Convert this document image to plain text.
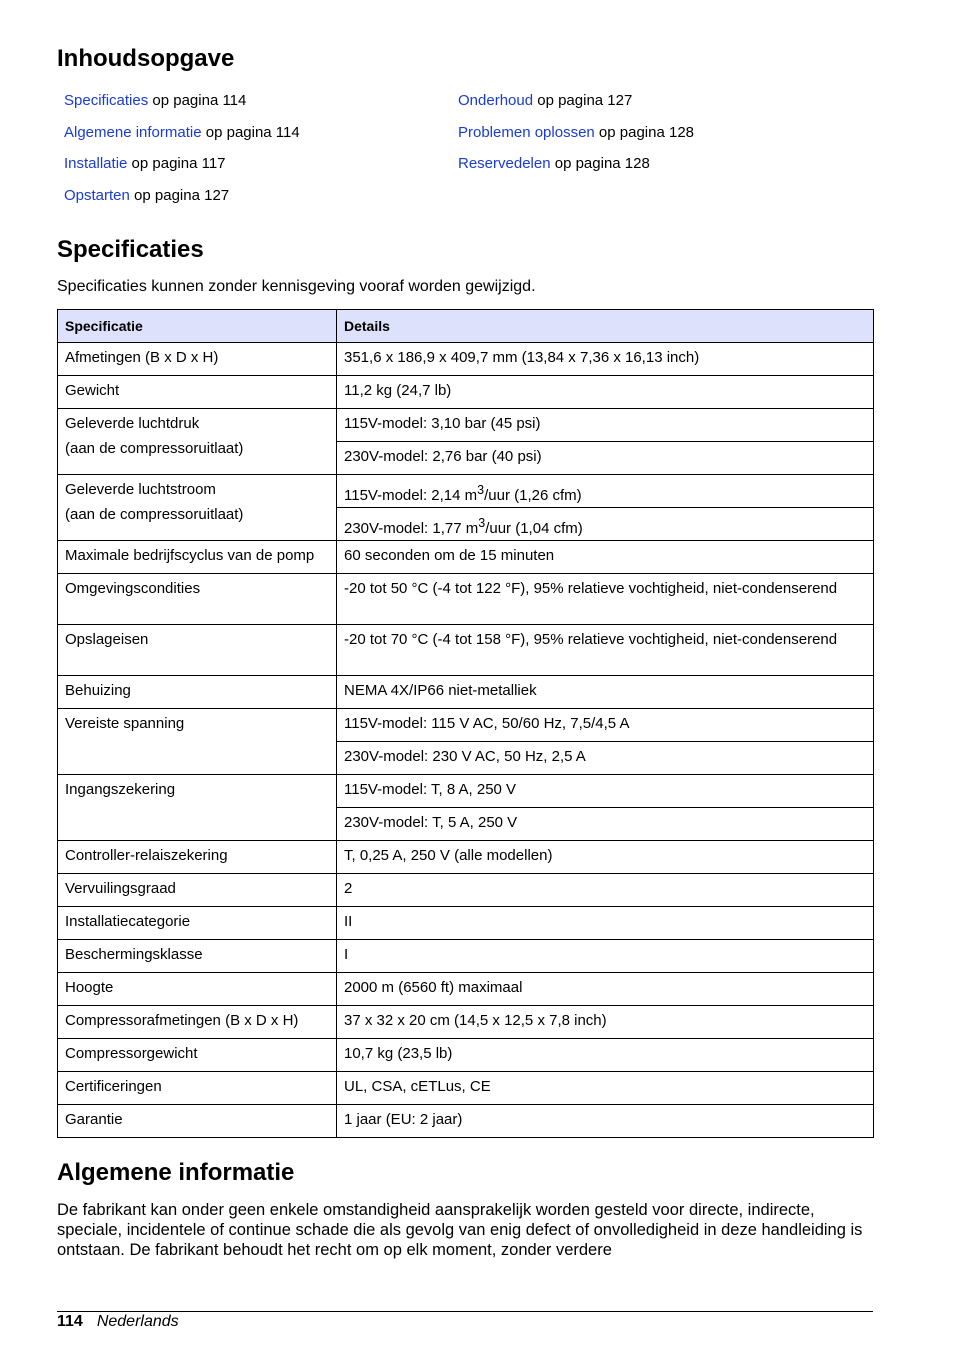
Inhoudsopgave
Specificaties op pagina 114
Algemene informatie op pagina 114
Installatie op pagina 117
Opstarten op pagina 127
Onderhoud op pagina 127
Problemen oplossen op pagina 128
Reservedelen op pagina 128
Specificaties

Specificaties kunnen zonder kennisgeving vooraf worden gewijzigd.

Specificatie	Details
Afmetingen (B x D x H)	351,6 x 186,9 x 409,7 mm (13,84 x 7,36 x 16,13 inch)
Gewicht	11,2 kg (24,7 lb)
Geleverde luchtdruk
(aan de compressoruitlaat)	115V-model: 3,10 bar (45 psi)
	230V-model: 2,76 bar (40 psi)
Geleverde luchtstroom
(aan de compressoruitlaat)	115V-model: 2,14 $m^3$/uur (1,26 cfm)
	230V-model: 1,77 $m^3$/uur (1,04 cfm)
Maximale bedrijfscyclus van de pomp	60 seconden om de 15 minuten
Omgevingscondities	-20 tot 50 °C (-4 tot 122 °F), 95% relatieve vochtigheid, niet-condenserend
Opslageisen	-20 tot 70 °C (-4 tot 158 °F), 95% relatieve vochtigheid, niet-condenserend
Behuizing	NEMA 4X/IP66 niet-metalliek
Vereiste spanning	115V-model: 115 V AC, 50/60 Hz, 7,5/4,5 A
	230V-model: 230 V AC, 50 Hz, 2,5 A
Ingangszekering	115V-model: T, 8 A, 250 V
	230V-model: T, 5 A, 250 V
Controller-relaiszekering	T, 0,25 A, 250 V (alle modellen)
Vervuilingsgraad	2
Installatiecategorie	II
Beschermingsklasse	I
Hoogte	2000 m (6560 ft) maximaal
Compressorafmetingen (B x D x H)	37 x 32 x 20 cm (14,5 x 12,5 x 7,8 inch)
Compressorgewicht	10,7 kg (23,5 lb)
Certificeringen	UL, CSA, cETLus, CE
Garantie	1 jaar (EU: 2 jaar)
Algemene informatie

De fabrikant kan onder geen enkele omstandigheid aansprakelijk worden gesteld voor directe, indirecte, speciale, incidentele of continue schade die als gevolg van enig defect of onvolledigheid in deze handleiding is ontstaan. De fabrikant behoudt het recht om op elk moment, zonder verdere

114 Nederlands
